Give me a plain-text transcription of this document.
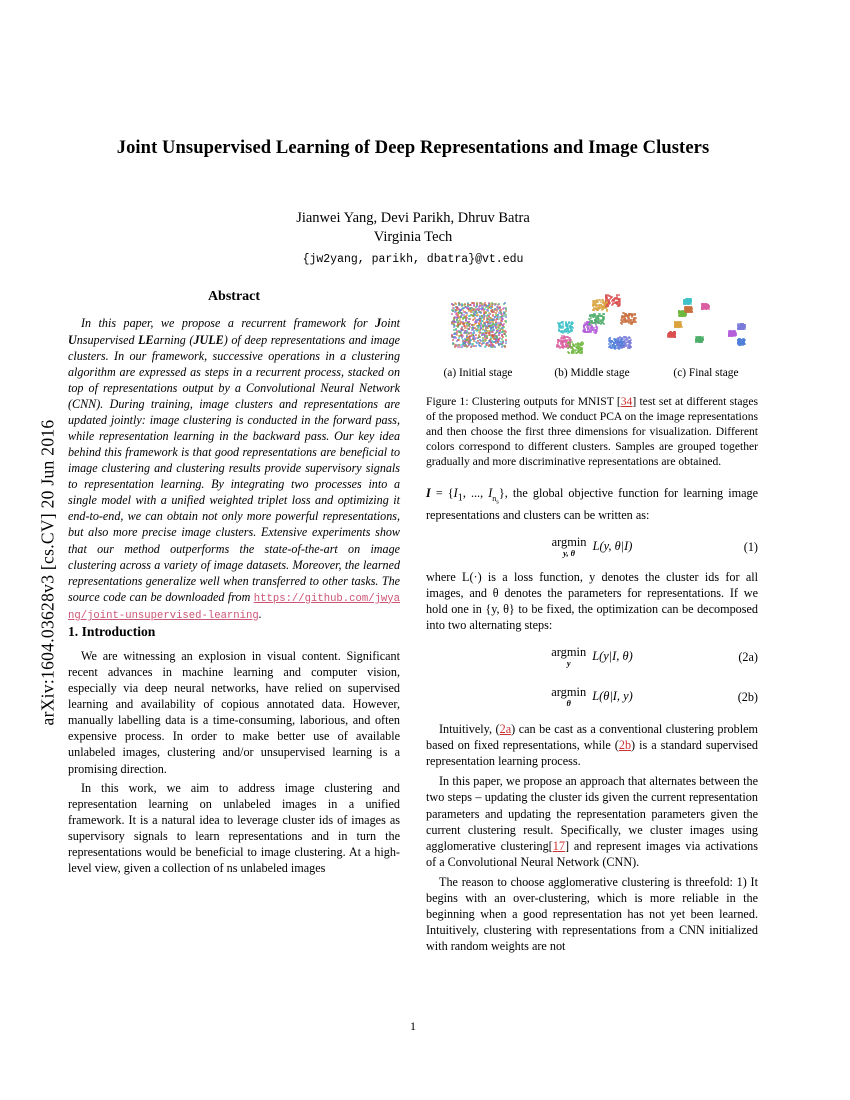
arXiv:1604.03628v3 [cs.CV] 20 Jun 2016
Joint Unsupervised Learning of Deep Representations and Image Clusters
Jianwei Yang, Devi Parikh, Dhruv Batra
Virginia Tech
{jw2yang, parikh, dbatra}@vt.edu
Abstract
In this paper, we propose a recurrent framework for Joint Unsupervised LEarning (JULE) of deep representations and image clusters. In our framework, successive operations in a clustering algorithm are expressed as steps in a recurrent process, stacked on top of representations output by a Convolutional Neural Network (CNN). During training, image clusters and representations are updated jointly: image clustering is conducted in the forward pass, while representation learning in the backward pass. Our key idea behind this framework is that good representations are beneficial to image clustering and clustering results provide supervisory signals to representation learning. By integrating two processes into a single model with a unified weighted triplet loss and optimizing it end-to-end, we can obtain not only more powerful representations, but also more precise image clusters. Extensive experiments show that our method outperforms the state-of-the-art on image clustering across a variety of image datasets. Moreover, the learned representations generalize well when transferred to other tasks. The source code can be downloaded from https://github.com/jwyang/joint-unsupervised-learning.
1. Introduction

We are witnessing an explosion in visual content. Significant recent advances in machine learning and computer vision, especially via deep neural networks, have relied on supervised learning and availability of copious annotated data. However, manually labelling data is a time-consuming, laborious, and often expensive process. In order to make better use of available unlabeled images, clustering and/or unsupervised learning is a promising direction.

In this work, we aim to address image clustering and representation learning on unlabeled images in a unified framework. It is a natural idea to leverage cluster ids of images as supervisory signals to learn representations and in turn the representations would be beneficial to image clustering. At a high-level view, given a collection of ns unlabeled images

(a) Initial stage	(b) Middle stage	(c) Final stage
Figure 1: Clustering outputs for MNIST [34] test set at different stages of the proposed method. We conduct PCA on the image representations and then choose the first three dimensions for visualization. Different colors correspond to different clusters. Samples are grouped together gradually and more discriminative representations are obtained.

$I = \{I_1$, ..., $I_{n_s}$}, the global objective function for learning image representations and clusters can be written as:

argmin
y, θ
L(y, θ|I)	(1)

where L(·) is a loss function, y denotes the cluster ids for all images, and θ denotes the parameters for representations. If we hold one in {y, θ} to be fixed, the optimization can be decomposed into two alternating steps:

argmin
y
L(y|I, θ)	(2a)
argmin
θ
L(θ|I, y)	(2b)

Intuitively, (2a) can be cast as a conventional clustering problem based on fixed representations, while (2b) is a standard supervised representation learning process.

In this paper, we propose an approach that alternates between the two steps – updating the cluster ids given the current representation parameters and updating the representation parameters given the current clustering result. Specifically, we cluster images using agglomerative clustering[17] and represent images via activations of a Convolutional Neural Network (CNN).

The reason to choose agglomerative clustering is threefold: 1) It begins with an over-clustering, which is more reliable in the beginning when a good representation has not yet been learned. Intuitively, clustering with representations from a CNN initialized with random weights are not

1
